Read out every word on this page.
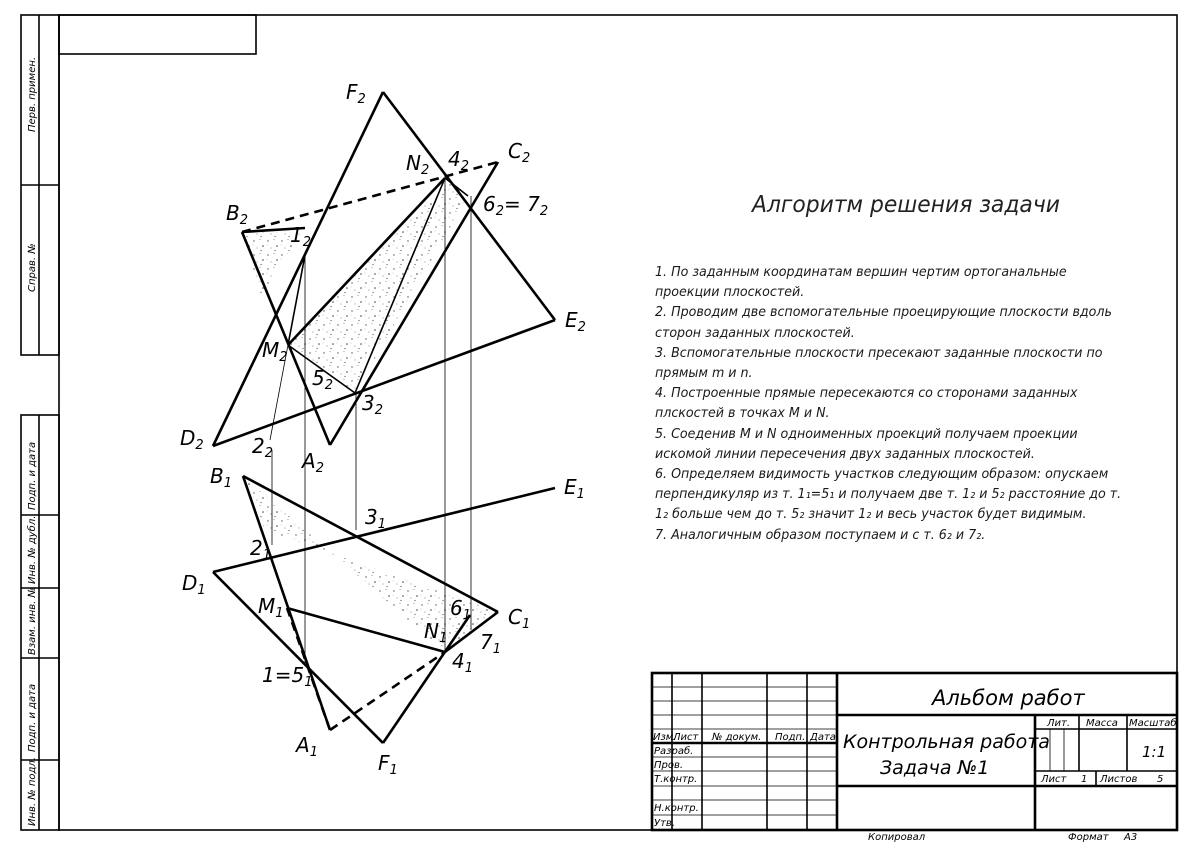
Перв. примен.
Справ. №
Подп. и дата
Инв. № дубл.
Взам. инв. №
Подп. и дата
Инв. № подл.
$F_2$
$N_2$ $4_2$
$C_2$
$6_2= 7_2$
$B_2$
$1_2$
$E_2$
$M_2$
$5_2$
$3_2$
$D_2$ $2_2$ $A_2$
$B_1$	$E_1$
$3_1$
$2_1$
$D_1$
$M_1$	$6_1$ $C_1$
$N_1$ $7_1$
$1=5_1$
$4_1$
$A_1$	$F_1$
Альбом работ
Контрольная работа
Задача №1
Изм.
Лист № докум. Подп. Дата
Разраб.
Пров.
Т.контр.
Н.контр.
Утв.
Лит. Масса Масштаб
1:1
Лист 1 Листов 5
Копировал	Формат А3
Алгоритм решения задачи
1. По заданным координатам вершин чертим ортоганальные проекции плоскостей.
2. Проводим две вспомогательные проецирующие плоскости вдоль сторон заданных плоскостей.
3. Вспомогательные плоскости пресекают заданные плоскости по прямым m и n.
4. Построенные прямые пересекаются со сторонами заданных плскостей в точках M и N.
5. Соеденив M и N одноименных проекций получаем проекции искомой линии пересечения двух заданных плоскостей.
6. Определяем видимость участков следующим образом: опускаем перпендикуляр из т. 1₁=5₁ и получаем две т. 1₂ и 5₂ расстояние до т. 1₂ больше чем до т. 5₂ значит 1₂ и весь участок будет видимым.
7. Аналогичным образом поступаем и с т. 6₂ и 7₂.
